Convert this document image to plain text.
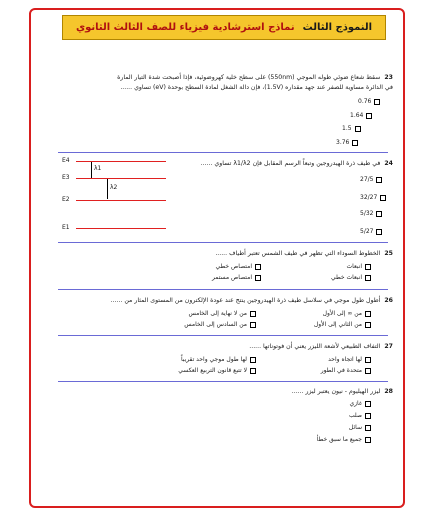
النموذج الثالث
نماذج استرشادية فيزياء للصف الثالث الثانوي
23سقط شعاع ضوئي طوله الموجي (550nm) على سطح خلية كهروضوئية، فإذا أصبحت شدة التيار المارة
في الدائرة مساوية للصفر عند جهد مقداره (1.5V)، فإن دالة الشغل لمادة السطح بوحدة (eV) تساوي ......
0.76
1.64
1.5
3.76
24في طيف ذرة الهيدروجين وتبعاً الرسم المقابل فإن λ1/λ2 تساوي ......
E4
E3
E2
E1
λ1
λ2
27/5
32/27
5/32
5/27
25الخطوط السوداء التي تظهر في طيف الشمس تعتبر أطياف ......
انبعاث
امتصاص خطي
انبعاث خطي
امتصاص مستمر
26أطول طول موجي في سلاسل طيف ذرة الهيدروجين ينتج عند عودة الإلكترون من المستوى المثار من ......
من ∞ إلى الأول
من لا نهاية إلى الخامس
من الثاني إلى الأول
من السادس إلى الخامس
27التفاف الطبيعي لأشعة الليزر يعني أن فوتوناتها ......
لها اتجاه واحد
لها طول موجي واحد تقريباً
متحدة في الطور
لا تتبع قانون التربيع العكسي
28ليزر الهيليوم - نيون يعتبر ليزر ......
غازي
صلب
سائل
جميع ما سبق خطأ
